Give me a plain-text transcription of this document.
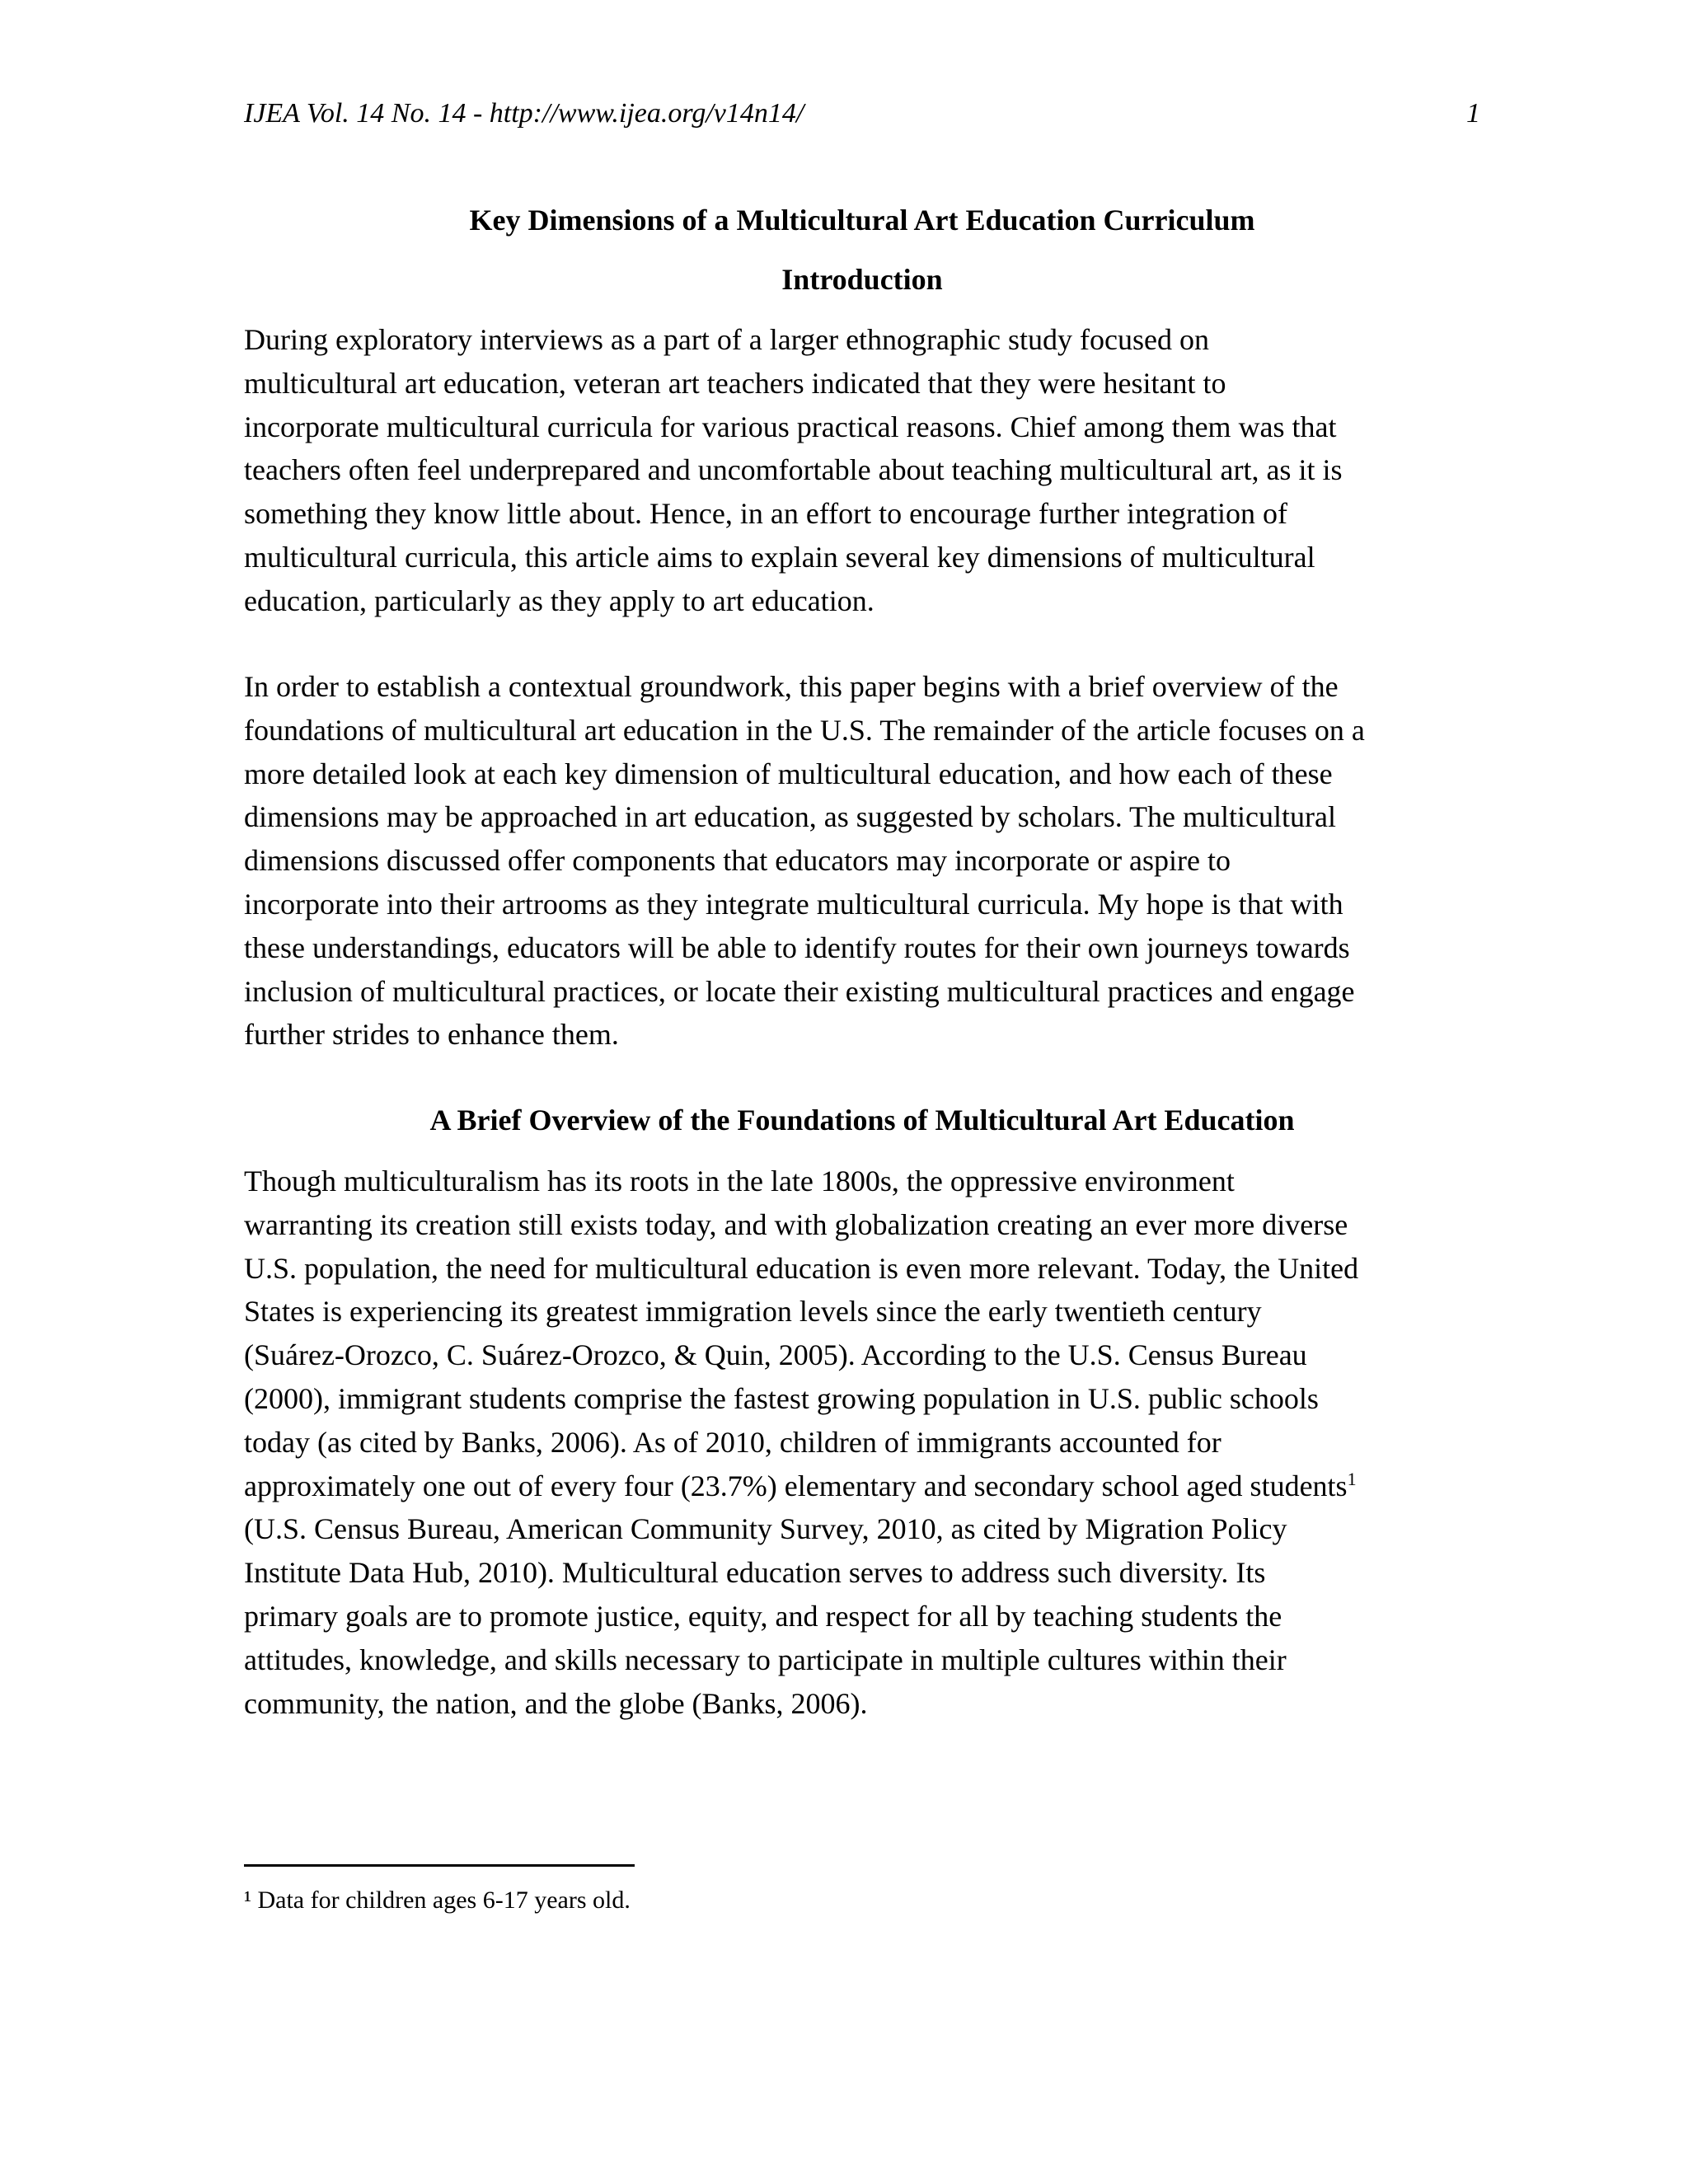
IJEA Vol. 14 No. 14 - http://www.ijea.org/v14n14/	1
Key Dimensions of a Multicultural Art Education Curriculum
Introduction

During exploratory interviews as a part of a larger ethnographic study focused on
multicultural art education, veteran art teachers indicated that they were hesitant to
incorporate multicultural curricula for various practical reasons. Chief among them was that
teachers often feel underprepared and uncomfortable about teaching multicultural art, as it is
something they know little about. Hence, in an effort to encourage further integration of
multicultural curricula, this article aims to explain several key dimensions of multicultural
education, particularly as they apply to art education.

In order to establish a contextual groundwork, this paper begins with a brief overview of the
foundations of multicultural art education in the U.S. The remainder of the article focuses on a
more detailed look at each key dimension of multicultural education, and how each of these
dimensions may be approached in art education, as suggested by scholars. The multicultural
dimensions discussed offer components that educators may incorporate or aspire to
incorporate into their artrooms as they integrate multicultural curricula. My hope is that with
these understandings, educators will be able to identify routes for their own journeys towards
inclusion of multicultural practices, or locate their existing multicultural practices and engage
further strides to enhance them.

A Brief Overview of the Foundations of Multicultural Art Education

Though multiculturalism has its roots in the late 1800s, the oppressive environment
warranting its creation still exists today, and with globalization creating an ever more diverse
U.S. population, the need for multicultural education is even more relevant. Today, the United
States is experiencing its greatest immigration levels since the early twentieth century
(Suárez-Orozco, C. Suárez-Orozco, & Quin, 2005). According to the U.S. Census Bureau
(2000), immigrant students comprise the fastest growing population in U.S. public schools
today (as cited by Banks, 2006). As of 2010, children of immigrants accounted for
approximately one out of every four (23.7%) elementary and secondary school aged students$^1$
(U.S. Census Bureau, American Community Survey, 2010, as cited by Migration Policy
Institute Data Hub, 2010). Multicultural education serves to address such diversity. Its
primary goals are to promote justice, equity, and respect for all by teaching students the
attitudes, knowledge, and skills necessary to participate in multiple cultures within their
community, the nation, and the globe (Banks, 2006).

¹ Data for children ages 6-17 years old.
